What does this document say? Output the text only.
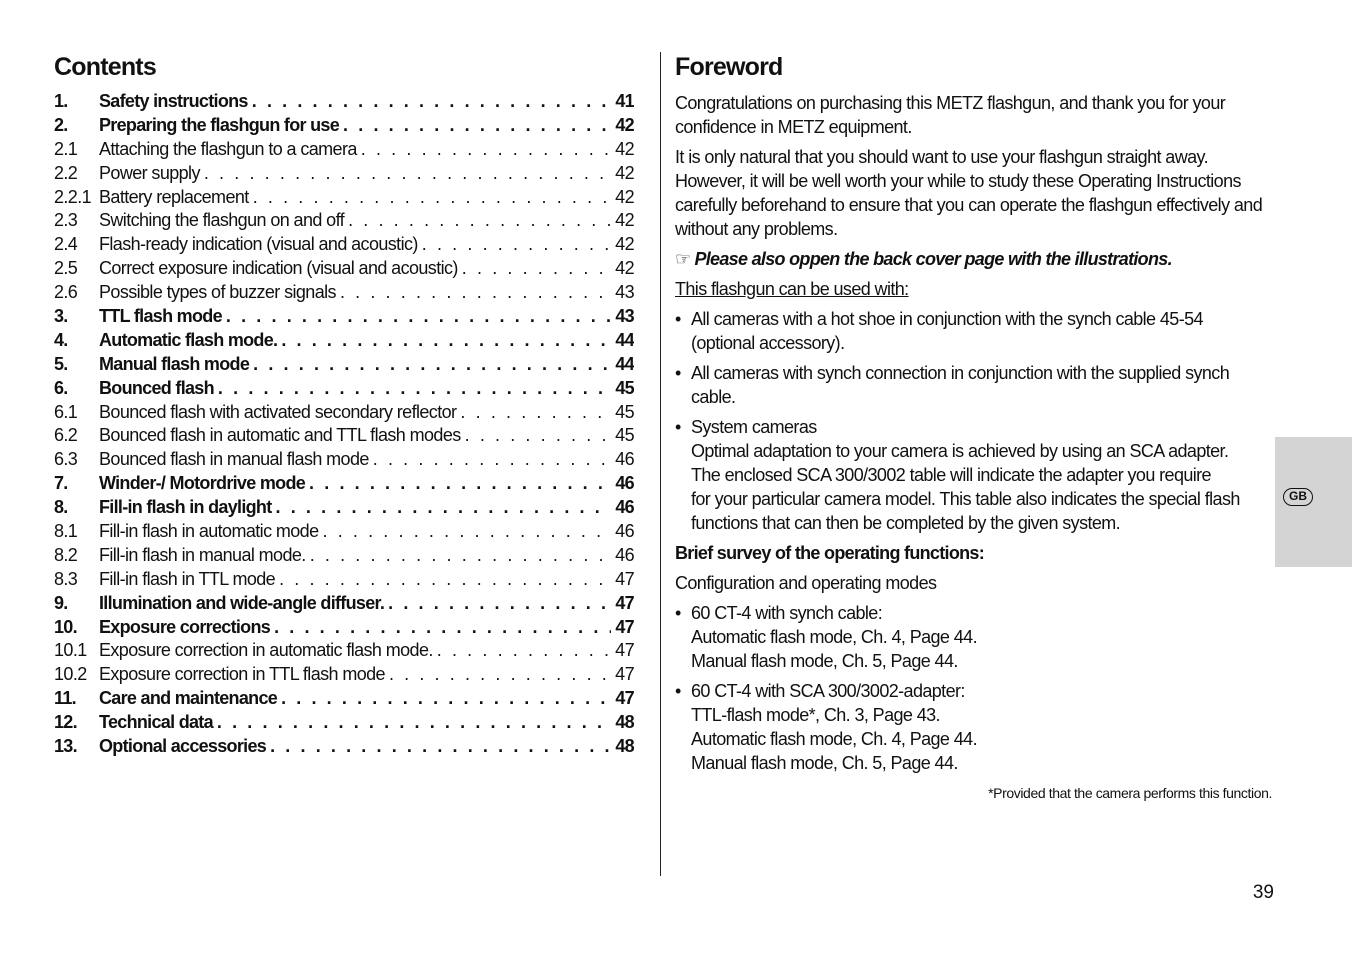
Contents
1.	Safety instructions . . .	41
2.	Preparing the flashgun for use . . .	42
2.1	Attaching the flashgun to a camera . . .	42
2.2	Power supply . . .	42
2.2.1 Battery replacement . . .	42
2.3	Switching the flashgun on and off . . .	42
2.4	Flash-ready indication (visual and acoustic) . . .	42
2.5	Correct exposure indication (visual and acoustic) . . .	42
2.6	Possible types of buzzer signals . . .	43
3.	TTL flash mode . . .	43
4.	Automatic flash mode. . . .	44
5.	Manual flash mode . . .	44
6.	Bounced flash . . .	45
6.1	Bounced flash with activated secondary reflector . . .	45
6.2	Bounced flash in automatic and TTL flash modes . . .	45
6.3	Bounced flash in manual flash mode . . .	46
7.	Winder-/ Motordrive mode . . .	46
8.	Fill-in flash in daylight . . .	46
8.1	Fill-in flash in automatic mode . . .	46
8.2	Fill-in flash in manual mode. . . .	46
8.3	Fill-in flash in TTL mode . . .	47
9.	Illumination and wide-angle diffuser. . . .	47
10.	Exposure corrections . . .	47
10.1 Exposure correction in automatic flash mode. . . .	47
10.2 Exposure correction in TTL flash mode . . .	47
11.	Care and maintenance . . .	47
12.	Technical data . . .	48
13.	Optional accessories . . .	48
Foreword

Congratulations on purchasing this METZ flashgun, and thank you for your confidence in METZ equipment.

It is only natural that you should want to use your flashgun straight away. However, it will be well worth your while to study these Operating Instructions carefully beforehand to ensure that you can operate the flashgun effectively and without any problems.

☞ Please also oppen the back cover page with the illustrations.

This flashgun can be used with:

• All cameras with a hot shoe in conjunction with the synch cable 45-54
(optional accessory).
• All cameras with synch connection in conjunction with the supplied synch
cable.
• System cameras
Optimal adaptation to your camera is achieved by using an SCA adapter.
The enclosed SCA 300/3002 table will indicate the adapter you require
for your particular camera model. This table also indicates the special flash
functions that can then be completed by the given system.

Brief survey of the operating functions:

Configuration and operating modes

• 60 CT-4 with synch cable:
Automatic flash mode, Ch. 4, Page 44.
Manual flash mode, Ch. 5, Page 44.
• 60 CT-4 with SCA 300/3002-adapter:
TTL-flash mode*, Ch. 3, Page 43.
Automatic flash mode, Ch. 4, Page 44.
Manual flash mode, Ch. 5, Page 44.
*Provided that the camera performs this function.
GB
39
